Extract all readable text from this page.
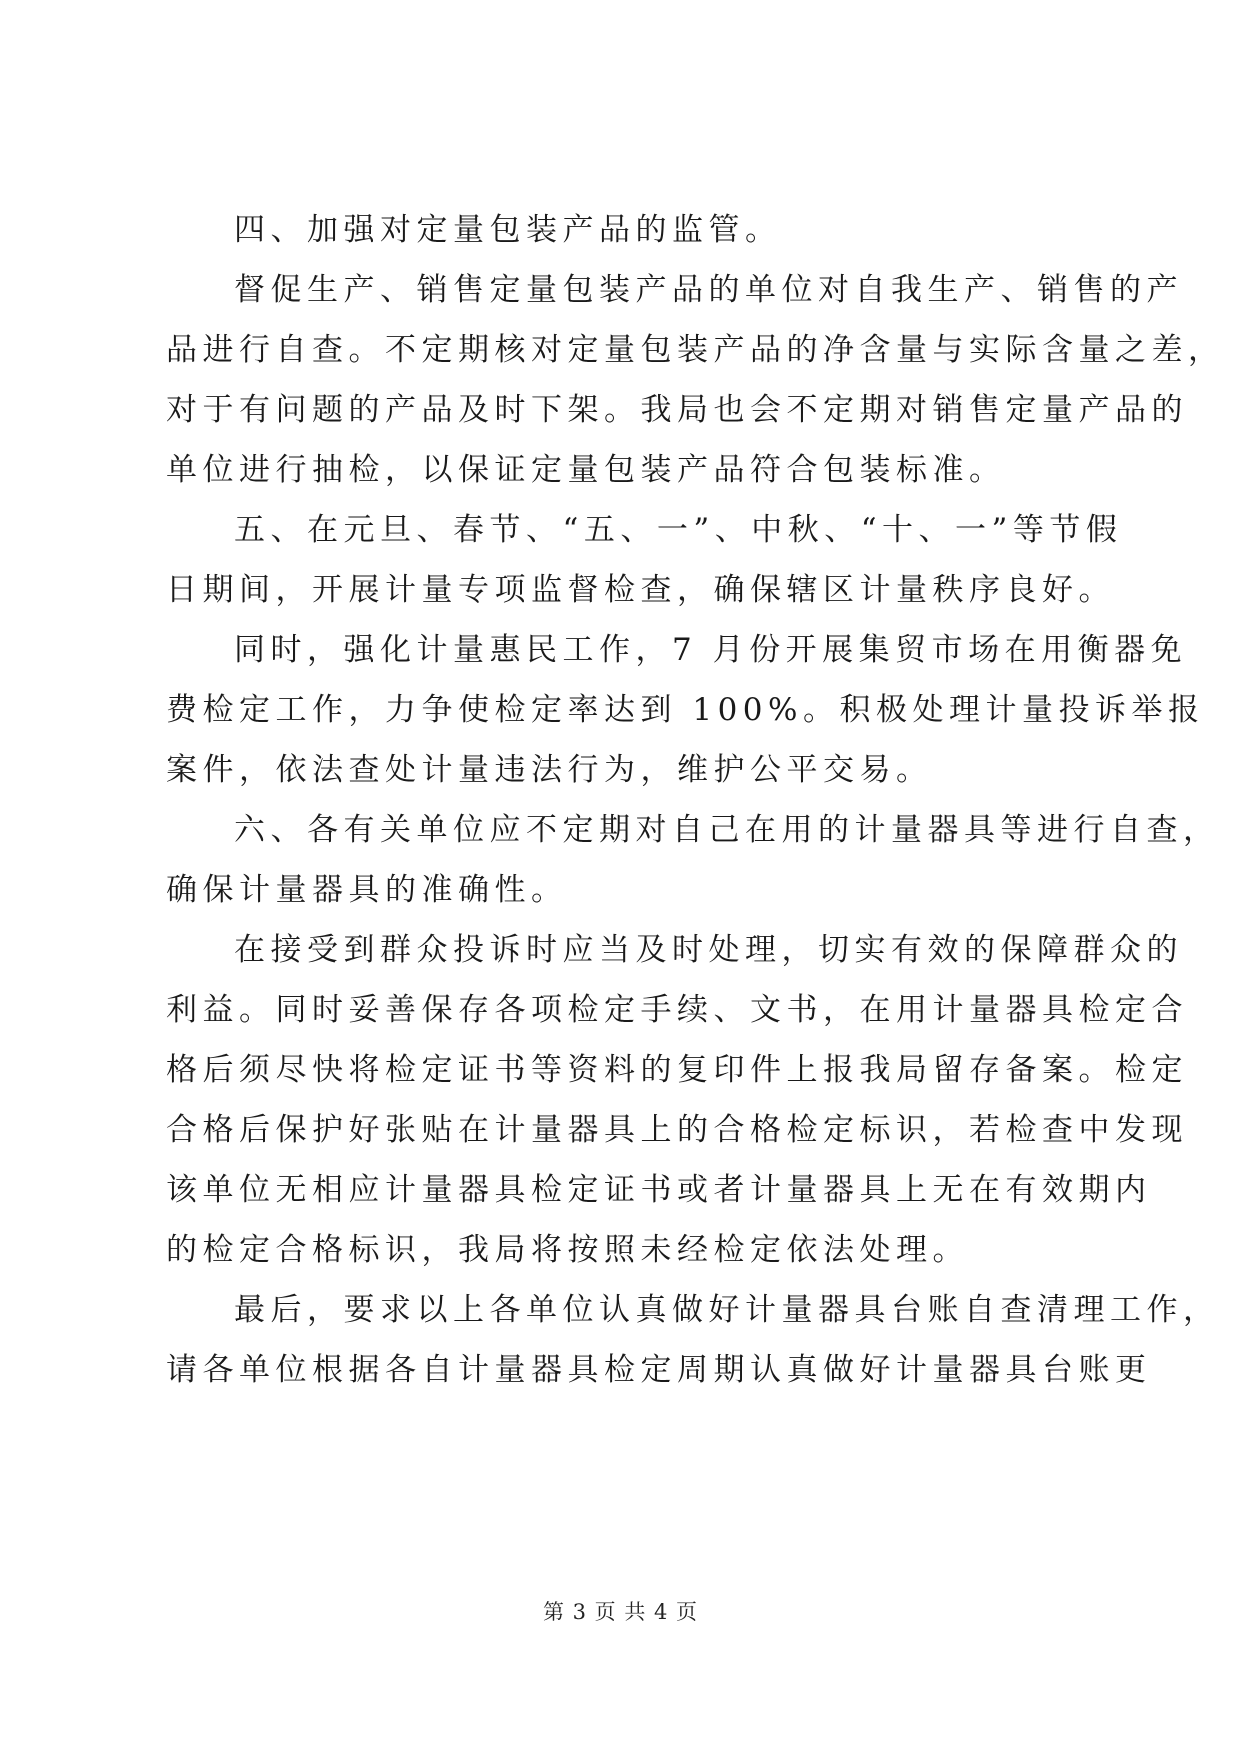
四、加强对定量包装产品的监管。

督促生产、销售定量包装产品的单位对自我生产、销售的产
品进行自查。不定期核对定量包装产品的净含量与实际含量之差，
对于有问题的产品及时下架。我局也会不定期对销售定量产品的
单位进行抽检，以保证定量包装产品符合包装标准。

五、在元旦、春节、“五、一”、中秋、“十、一”等节假
日期间，开展计量专项监督检查，确保辖区计量秩序良好。

同时，强化计量惠民工作，7 月份开展集贸市场在用衡器免
费检定工作，力争使检定率达到 100%。积极处理计量投诉举报
案件，依法查处计量违法行为，维护公平交易。

六、各有关单位应不定期对自己在用的计量器具等进行自查，
确保计量器具的准确性。

在接受到群众投诉时应当及时处理，切实有效的保障群众的
利益。同时妥善保存各项检定手续、文书，在用计量器具检定合
格后须尽快将检定证书等资料的复印件上报我局留存备案。检定
合格后保护好张贴在计量器具上的合格检定标识，若检查中发现
该单位无相应计量器具检定证书或者计量器具上无在有效期内
的检定合格标识，我局将按照未经检定依法处理。

最后，要求以上各单位认真做好计量器具台账自查清理工作，
请各单位根据各自计量器具检定周期认真做好计量器具台账更

第 3 页 共 4 页
